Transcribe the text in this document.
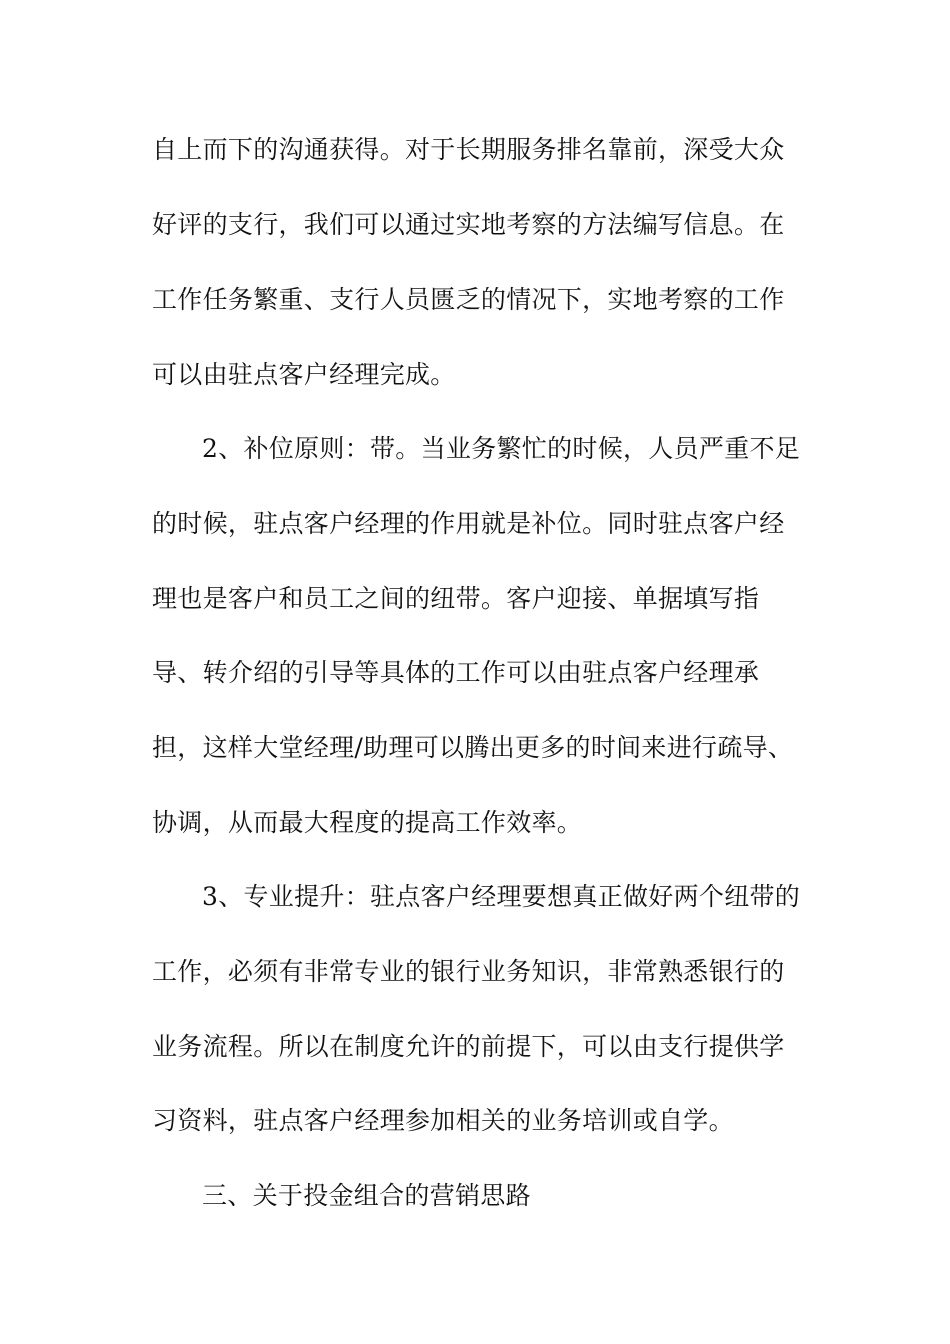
自上而下的沟通获得。对于长期服务排名靠前，深受大众
好评的支行，我们可以通过实地考察的方法编写信息。在
工作任务繁重、支行人员匮乏的情况下，实地考察的工作
可以由驻点客户经理完成。
2、补位原则：带。当业务繁忙的时候，人员严重不足
的时候，驻点客户经理的作用就是补位。同时驻点客户经
理也是客户和员工之间的纽带。客户迎接、单据填写指
导、转介绍的引导等具体的工作可以由驻点客户经理承
担，这样大堂经理/助理可以腾出更多的时间来进行疏导、
协调，从而最大程度的提高工作效率。
3、专业提升：驻点客户经理要想真正做好两个纽带的
工作，必须有非常专业的银行业务知识，非常熟悉银行的
业务流程。所以在制度允许的前提下，可以由支行提供学
习资料，驻点客户经理参加相关的业务培训或自学。
三、关于投金组合的营销思路
